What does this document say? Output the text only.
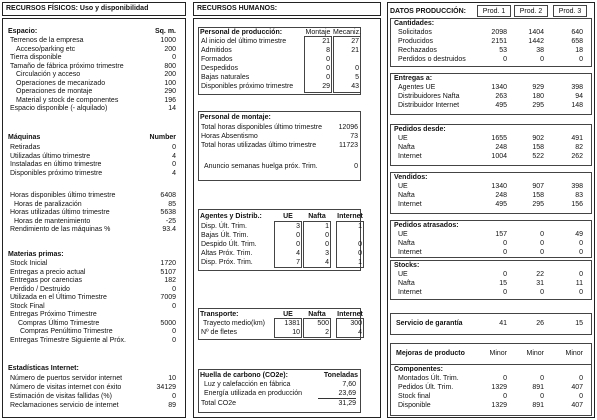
RECURSOS FÍSICOS: Uso y disponibilidad
Espacio:	Sq. m.
Terrenos de la empresa	1000
Acceso/parking etc	200
Tierra disponible	0
Tamaño de fábrica próximo trimestre	800
Circulación y acceso	200
Operaciones de mecanizado	100
Operaciones de montaje	290
Material y stock de componentes	196
Espacio disponible (- alquilado)	14
Máquinas	Number
Retiradas	0
Utilizadas último trimestre	4
Instaladas en último trimestre	0
Disponibles próximo trimestre	4
Horas disponibles último trimestre	6408
Horas de paralización	85
Horas utilizadas último trimestre	5638
Horas de mantenimiento	-25
Rendimiento de las máquinas %	93.4
Materias primas:
Stock Inicial	1720
Entregas a precio actual	5107
Entregas por carencias	182
Perdido / Destruido	0
Utilizada en el Último Trimestre	7009
Stock Final	0
Entregas Próximo Trimestre
Compras Último Trimestre	5000
Compras Penúltimo Trimestre	0
Entregas Trimestre Siguiente al Próx.	0
Estadísticas Internet:
Número de puertos servidor internet	10
Número de visitas internet con éxito	34129
Estimación de visitas fallidas (%)	0
Reclamaciones servicio de internet	89
RECURSOS HUMANOS:
Personal de producción:	Montaje Mecaniz.
Al inicio del último trimestre	21	27
Admitidos	8	21
Formados	0
Despedidos	0	0
Bajas naturales	0	5
Disponibles próximo trimestre	29	43
Personal de montaje:
Total horas disponibles último trimestre	12096
Horas Absentismo	73
Total horas utilizadas último trimestre	11723
Anuncio semanas huelga próx. Trim.	0
Agentes y Distrib.:	UE	Nafta	Internet
Disp. Últ. Trim.	3	1	1
Bajas Últ. Trim.	0	0
Despido Últ. Trim.	0	0	0
Altas Próx. Trim.	4	3	0
Disp. Próx. Trim.	7	4	1
Transporte:	UE	Nafta	Internet
Trayecto medio(km)	1381	500	300
Nº de fletes	10	2	4
Huella de carbono (CO2e):	Toneladas
Luz y calefacción en fábrica	7,60
Energía utilizada en producción	23,69
Total CO2e	31,29
DATOS PRODUCCIÓN:	Prod. 1	Prod. 2	Prod. 3
Cantidades:
Solicitados	2098	1404	640
Producidos	2151	1442	658
Rechazados	53	38	18
Perdidos o destruidos	0	0	0
Entregas a:
Agentes UE	1340	929	398
Distribuidores Nafta	263	180	94
Distribuidor Internet	495	295	148
Pedidos desde:
UE	1655	902	491
Nafta	248	158	82
Internet	1004	522	262
Vendidos:
UE	1340	907	398
Nafta	248	158	83
Internet	495	295	156
Pedidos atrasados:
UE	157	0	49
Nafta	0	0	0
Internet	0	0	0
Stocks:
UE	0	22	0
Nafta	15	31	11
Internet	0	0	0
Servicio de garantía	41	26	15
Mejoras de producto	Minor	Minor	Minor
Componentes:
Montados Últ. Trim.	0	0	0
Pedidos Últ. Trim.	1329	891	407
Stock final	0	0	0
Disponible	1329	891	407
